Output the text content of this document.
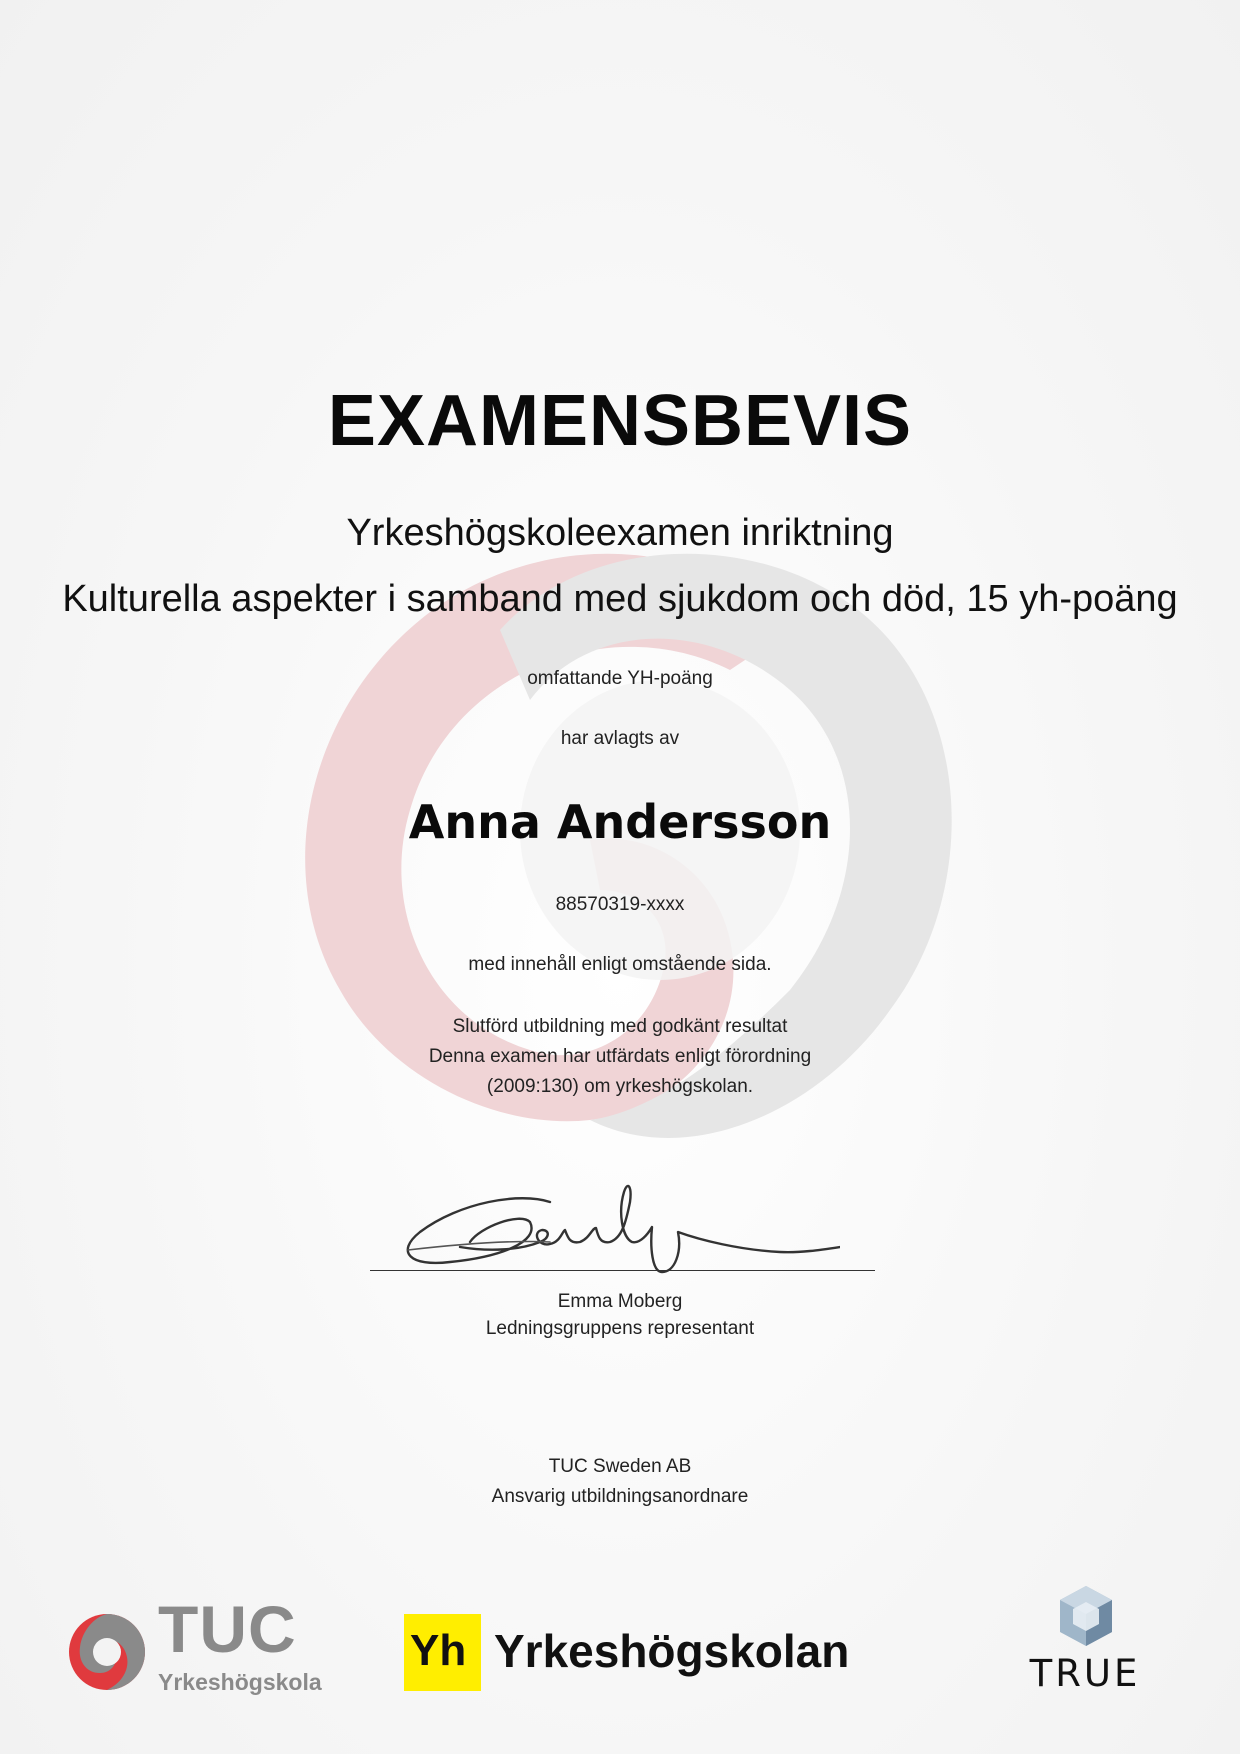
EXAMENSBEVIS
Yrkeshögskoleexamen inriktning
Kulturella aspekter i samband med sjukdom och död, 15 yh-poäng
omfattande YH-poäng
har avlagts av
Anna Andersson
88570319-xxxx
med innehåll enligt omstående sida.
Slutförd utbildning med godkänt resultat
Denna examen har utfärdats enligt förordning
(2009:130) om yrkeshögskolan.
Emma Moberg
Ledningsgruppens representant
TUC Sweden AB
Ansvarig utbildningsanordnare
TUC
Yrkeshögskola
Yh Yrkeshögskolan	TRUE
